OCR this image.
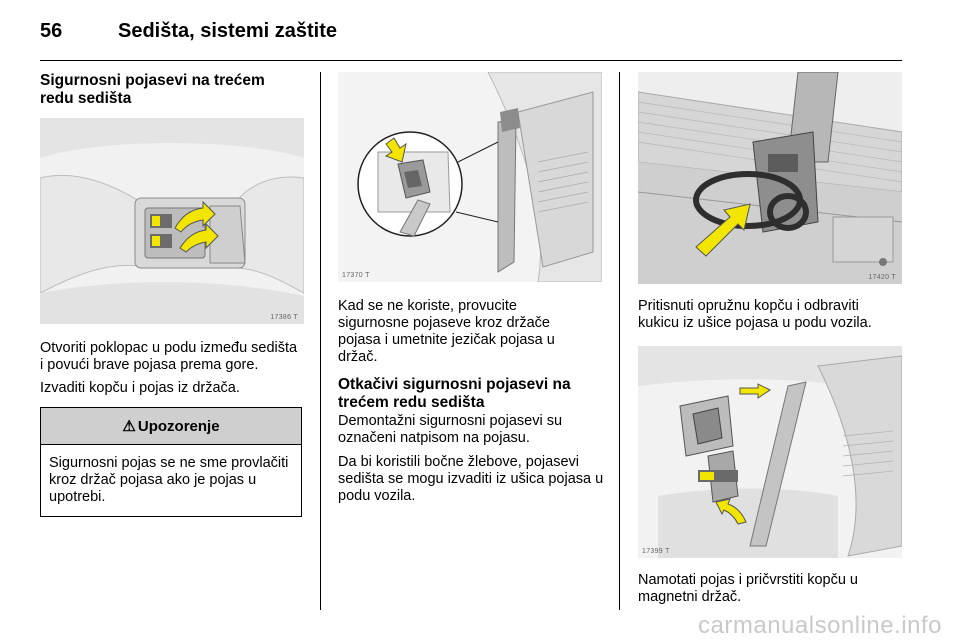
56	Sedišta, sistemi zaštite
Sigurnosni pojasevi na trećem redu sedišta
17386 T

Otvoriti poklopac u podu između sedišta i povući brave pojasa prema gore.

Izvaditi kopču i pojas iz držača.

⚠ Upozorenje
Sigurnosni pojas se ne sme provlačiti kroz držač pojasa ako je pojas u upotrebi.
17370 T

Kad se ne koriste, provucite sigurnosne pojaseve kroz držače pojasa i umetnite jezičak pojasa u držač.

Otkačivi sigurnosni pojasevi na trećem redu sedišta

Demontažni sigurnosni pojasevi su označeni natpisom na pojasu.

Da bi koristili bočne žlebove, pojasevi sedišta se mogu izvaditi iz ušica pojasa u podu vozila.

17420 T

Pritisnuti opružnu kopču i odbraviti kukicu iz ušice pojasa u podu vozila.

17399 T

Namotati pojas i pričvrstiti kopču u magnetni držač.

carmanualsonline.info
